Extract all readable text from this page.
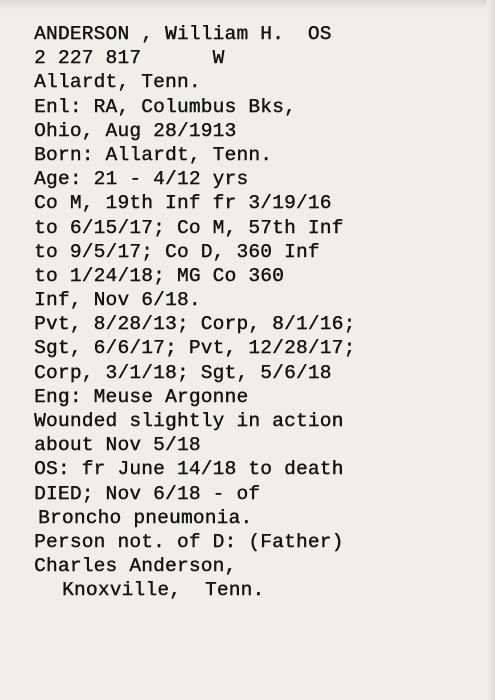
ANDERSON , William H.  OS
2 227 817      W
Allardt, Tenn.
Enl: RA, Columbus Bks,
Ohio, Aug 28/1913
Born: Allardt, Tenn.
Age: 21 - 4/12 yrs
Co M, 19th Inf fr 3/19/16
to 6/15/17; Co M, 57th Inf
to 9/5/17; Co D, 360 Inf
to 1/24/18; MG Co 360
Inf, Nov 6/18.
Pvt, 8/28/13; Corp, 8/1/16;
Sgt, 6/6/17; Pvt, 12/28/17;
Corp, 3/1/18; Sgt, 5/6/18
Eng: Meuse Argonne
Wounded slightly in action
about Nov 5/18
OS: fr June 14/18 to death
DIED; Nov 6/18 - of
Broncho pneumonia.
Person not. of D: (Father)
Charles Anderson,
Knoxville,  Tenn.
